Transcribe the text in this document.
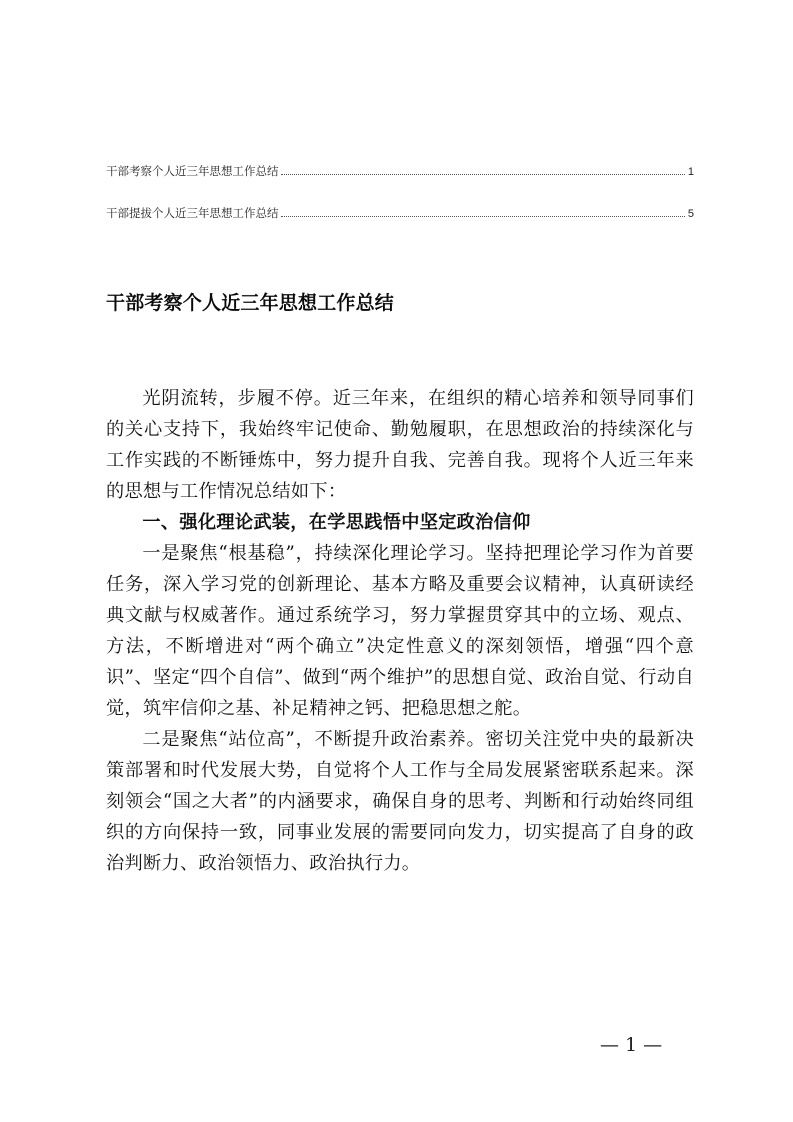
干部考察个人近三年思想工作总结	1
干部提拔个人近三年思想工作总结	5
干部考察个人近三年思想工作总结

光阴流转，步履不停。近三年来，在组织的精心培养和领导同事们的关心支持下，我始终牢记使命、勤勉履职，在思想政治的持续深化与工作实践的不断锤炼中，努力提升自我、完善自我。现将个人近三年来的思想与工作情况总结如下：

一、强化理论武装，在学思践悟中坚定政治信仰

一是聚焦“根基稳”，持续深化理论学习。坚持把理论学习作为首要任务，深入学习党的创新理论、基本方略及重要会议精神，认真研读经典文献与权威著作。通过系统学习，努力掌握贯穿其中的立场、观点、方法，不断增进对“两个确立”决定性意义的深刻领悟，增强“四个意识”、坚定“四个自信”、做到“两个维护”的思想自觉、政治自觉、行动自觉，筑牢信仰之基、补足精神之钙、把稳思想之舵。

二是聚焦“站位高”，不断提升政治素养。密切关注党中央的最新决策部署和时代发展大势，自觉将个人工作与全局发展紧密联系起来。深刻领会“国之大者”的内涵要求，确保自身的思考、判断和行动始终同组织的方向保持一致，同事业发展的需要同向发力，切实提高了自身的政治判断力、政治领悟力、政治执行力。

— 1 —
